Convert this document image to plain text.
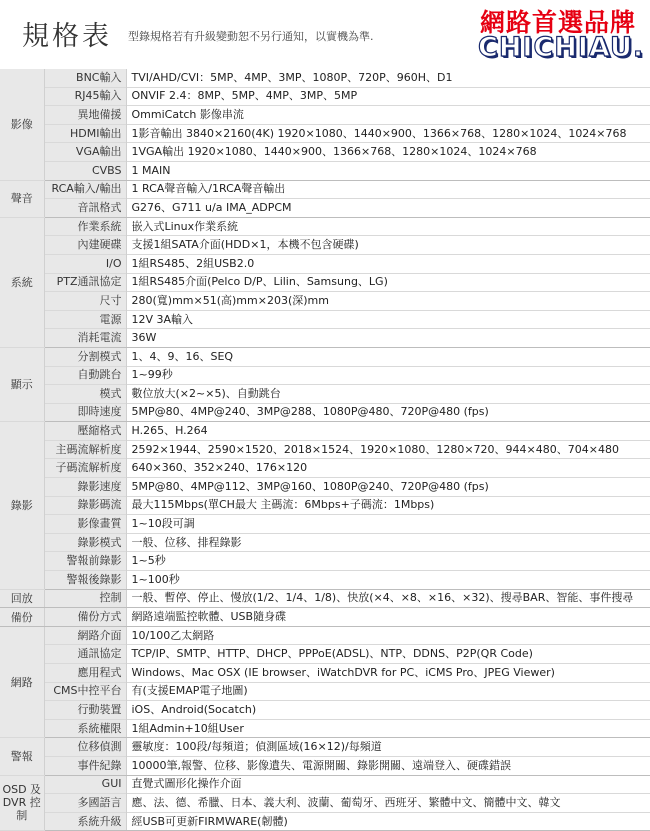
規格表 型錄規格若有升級變動恕不另行通知，以實機為準.	網路首選品牌
CHICHIAU.
影像	BNC輸入	TVI/AHD/CVI：5MP、4MP、3MP、1080P、720P、960H、D1
	RJ45輸入	ONVIF 2.4：8MP、5MP、4MP、3MP、5MP
	異地備援	OmmiCatch 影像串流
	HDMI輸出	1影音輸出 3840×2160(4K) 1920×1080、1440×900、1366×768、1280×1024、1024×768
	VGA輸出	1VGA輸出 1920×1080、1440×900、1366×768、1280×1024、1024×768
	CVBS	1 MAIN
聲音	RCA輸入/輸出	1 RCA聲音輸入/1RCA聲音輸出
	音訊格式	G276、G711 u/a IMA_ADPCM
系統	作業系統	嵌入式Linux作業系統
	內建硬碟	支援1組SATA介面(HDD×1，本機不包含硬碟)
	I/O	1組RS485、2組USB2.0
	PTZ通訊協定	1組RS485介面(Pelco D/P、Lilin、Samsung、LG)
	尺寸	280(寬)mm×51(高)mm×203(深)mm
	電源	12V 3A輸入
	消耗電流	36W
顯示	分割模式	1、4、9、16、SEQ
	自動跳台	1~99秒
	模式	數位放大(×2~×5)、自動跳台
	即時速度	5MP@80、4MP@240、3MP@288、1080P@480、720P@480 (fps)
錄影	壓縮格式	H.265、H.264
	主碼流解析度	2592×1944、2590×1520、2018×1524、1920×1080、1280×720、944×480、704×480
	子碼流解析度	640×360、352×240、176×120
	錄影速度	5MP@80、4MP@112、3MP@160、1080P@240、720P@480 (fps)
	錄影碼流	最大115Mbps(單CH最大 主碼流：6Mbps+子碼流：1Mbps)
	影像畫質	1~10段可調
	錄影模式	一般、位移、排程錄影
	警報前錄影	1~5秒
	警報後錄影	1~100秒
回放	控制	一般、暫停、停止、慢放(1/2、1/4、1/8)、快放(×4、×8、×16、×32)、搜尋BAR、智能、事件搜尋
備份	備份方式	網路遠端監控軟體、USB隨身碟
網路	網路介面	10/100乙太網路
	通訊協定	TCP/IP、SMTP、HTTP、DHCP、PPPoE(ADSL)、NTP、DDNS、P2P(QR Code)
	應用程式	Windows、Mac OSX (IE browser、iWatchDVR for PC、iCMS Pro、JPEG Viewer)
	CMS中控平台	有(支援EMAP電子地圖)
	行動裝置	iOS、Android(Socatch)
	系統權限	1組Admin+10組User
警報	位移偵測	靈敏度：100段/每頻道；偵測區域(16×12)/每頻道
	事件紀錄	10000筆,報警、位移、影像遺失、電源開關、錄影開關、遠端登入、硬碟錯誤
OSD 及 DVR 控制	GUI	直覺式圖形化操作介面
	多國語言	應、法、德、希臘、日本、義大利、波蘭、葡萄牙、西班牙、繁體中文、簡體中文、韓文
	系統升級	經USB可更新FIRMWARE(韌體)
